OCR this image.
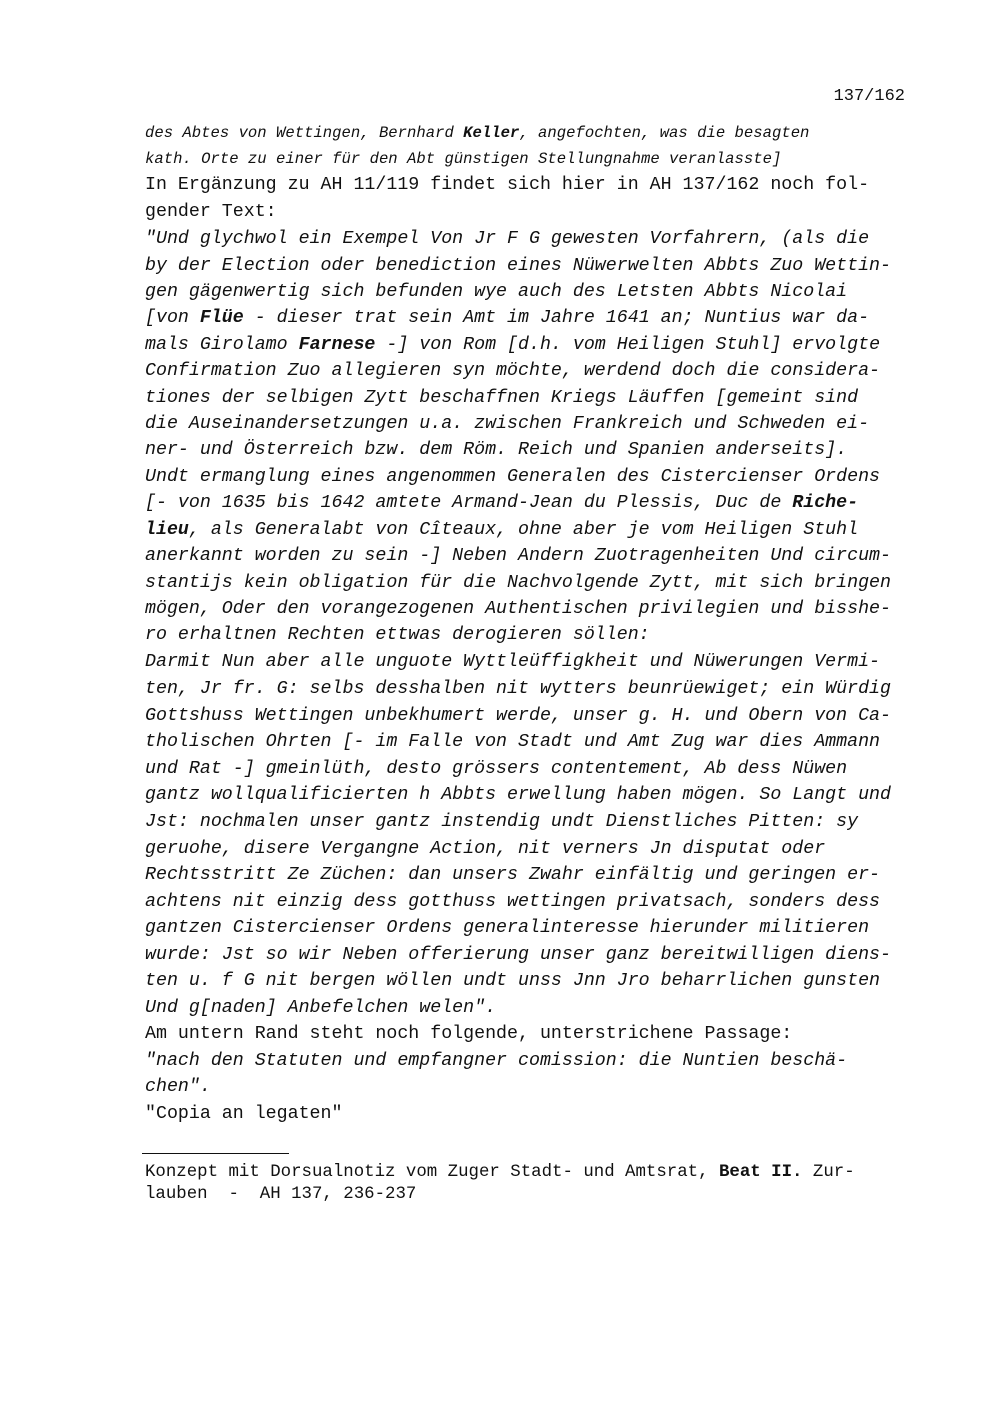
137/162
des Abtes von Wettingen, Bernhard Keller, angefochten, was die besagten
kath. Orte zu einer für den Abt günstigen Stellungnahme veranlasste]
In Ergänzung zu AH 11/119 findet sich hier in AH 137/162 noch fol-
gender Text:
"Und glychwol ein Exempel Von Jr F G gewesten Vorfahrern, (als die
by der Election oder benediction eines Nüwerwelten Abbts Zuo Wettin-
gen gägenwertig sich befunden wye auch des Letsten Abbts Nicolai
[von Flüe - dieser trat sein Amt im Jahre 1641 an; Nuntius war da-
mals Girolamo Farnese -] von Rom [d.h. vom Heiligen Stuhl] ervolgte
Confirmation Zuo allegieren syn möchte, werdend doch die considera-
tiones der selbigen Zytt beschaffnen Kriegs Läuffen [gemeint sind
die Auseinandersetzungen u.a. zwischen Frankreich und Schweden ei-
ner- und Österreich bzw. dem Röm. Reich und Spanien anderseits].
Undt ermanglung eines angenommen Generalen des Cistercienser Ordens
[- von 1635 bis 1642 amtete Armand-Jean du Plessis, Duc de Riche-
lieu, als Generalabt von Cîteaux, ohne aber je vom Heiligen Stuhl
anerkannt worden zu sein -] Neben Andern Zuotragenheiten Und circum-
stantijs kein obligation für die Nachvolgende Zytt, mit sich bringen
mögen, Oder den vorangezogenen Authentischen privilegien und bisshe-
ro erhaltnen Rechten ettwas derogieren söllen:
Darmit Nun aber alle unguote Wyttleüffigkheit und Nüwerungen Vermi-
ten, Jr fr. G: selbs desshalben nit wytters beunrüewiget; ein Würdig
Gottshuss Wettingen unbekhumert werde, unser g. H. und Obern von Ca-
tholischen Ohrten [- im Falle von Stadt und Amt Zug war dies Ammann
und Rat -] gmeinlüth, desto grössers contentement, Ab dess Nüwen
gantz wollqualificierten h Abbts erwellung haben mögen. So Langt und
Jst: nochmalen unser gantz instendig undt Dienstliches Pitten: sy
geruohe, disere Vergangne Action, nit verners Jn disputat oder
Rechtsstritt Ze Züchen: dan unsers Zwahr einfältig und geringen er-
achtens nit einzig dess gotthuss wettingen privatsach, sonders dess
gantzen Cistercienser Ordens generalinteresse hierunder militieren
wurde: Jst so wir Neben offerierung unser ganz bereitwilligen diens-
ten u. f G nit bergen wöllen undt unss Jnn Jro beharrlichen gunsten
Und g[naden] Anbefelchen welen".
Am untern Rand steht noch folgende, unterstrichene Passage:
"nach den Statuten und empfangner comission: die Nuntien beschä-
chen".
"Copia an legaten"
Konzept mit Dorsualnotiz vom Zuger Stadt- und Amtsrat, Beat II. Zur-
lauben  -  AH 137, 236-237
